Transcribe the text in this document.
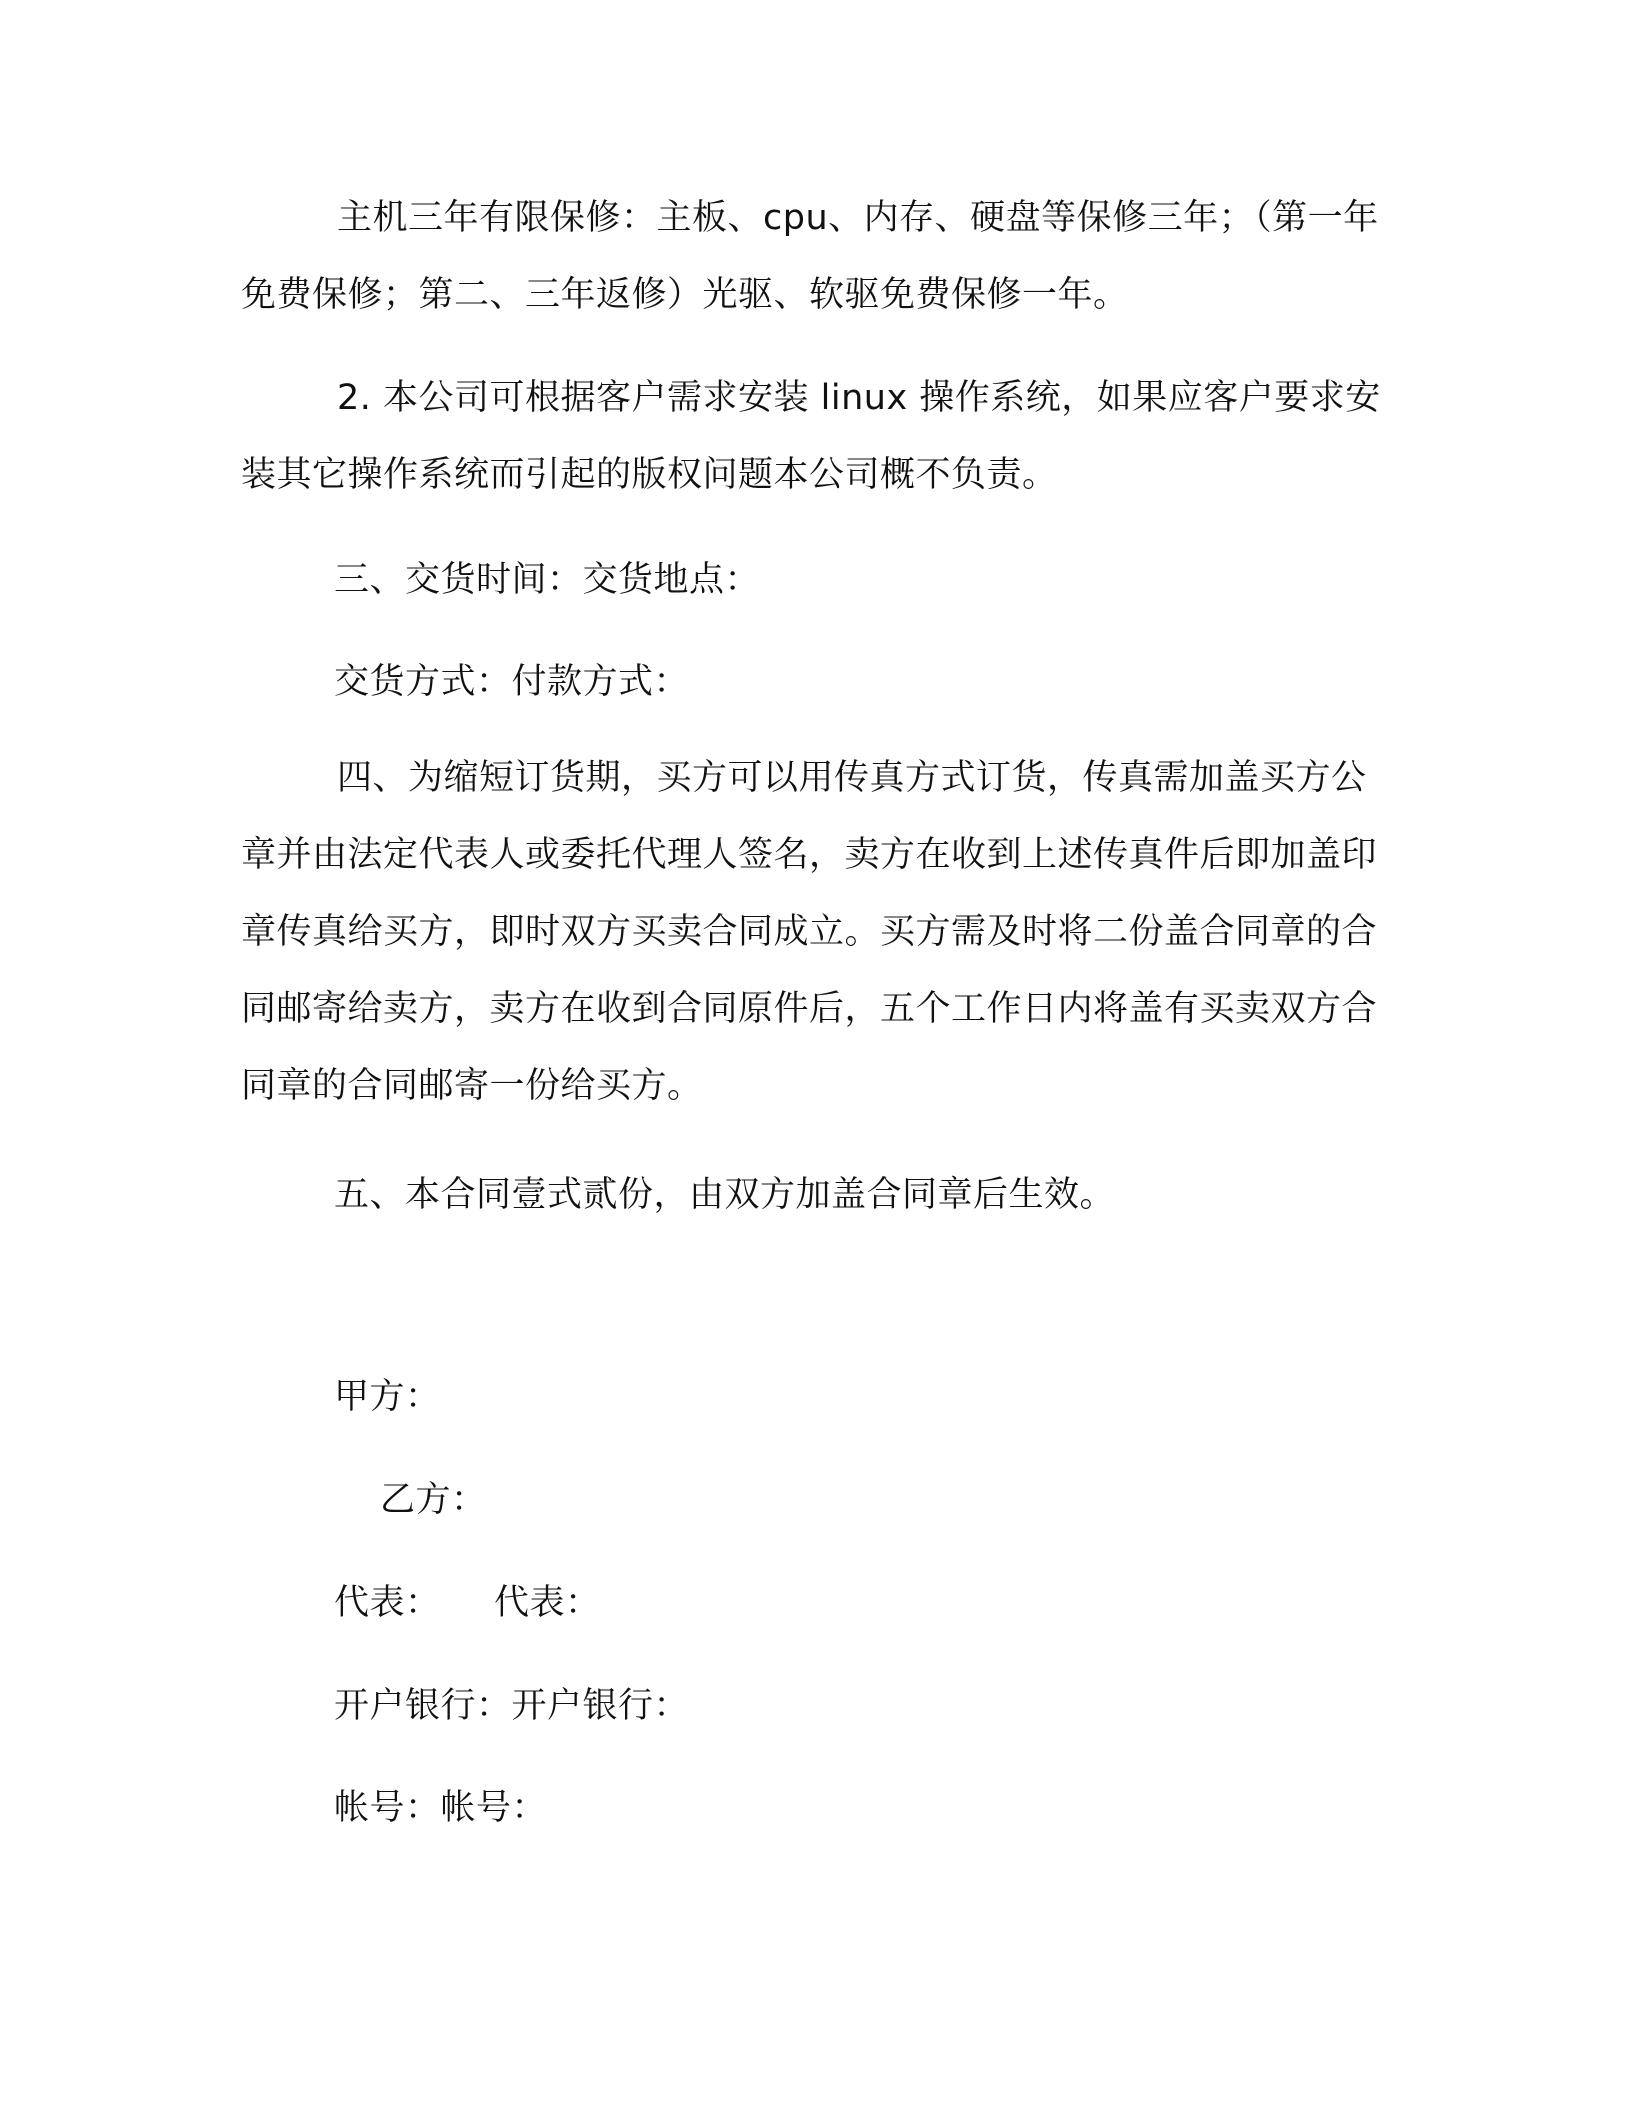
主机三年有限保修：主板、cpu、内存、硬盘等保修三年；（第一年免费保修；第二、三年返修）光驱、软驱免费保修一年。
2. 本公司可根据客户需求安装 linux 操作系统，如果应客户要求安装其它操作系统而引起的版权问题本公司概不负责。
三、交货时间：交货地点：
交货方式：付款方式：
四、为缩短订货期，买方可以用传真方式订货，传真需加盖买方公章并由法定代表人或委托代理人签名，卖方在收到上述传真件后即加盖印章传真给买方，即时双方买卖合同成立。买方需及时将二份盖合同章的合同邮寄给卖方，卖方在收到合同原件后，五个工作日内将盖有买卖双方合同章的合同邮寄一份给买方。
五、本合同壹式贰份，由双方加盖合同章后生效。
甲方：
乙方：
代表：　　代表：
开户银行：开户银行：
帐号：帐号：
